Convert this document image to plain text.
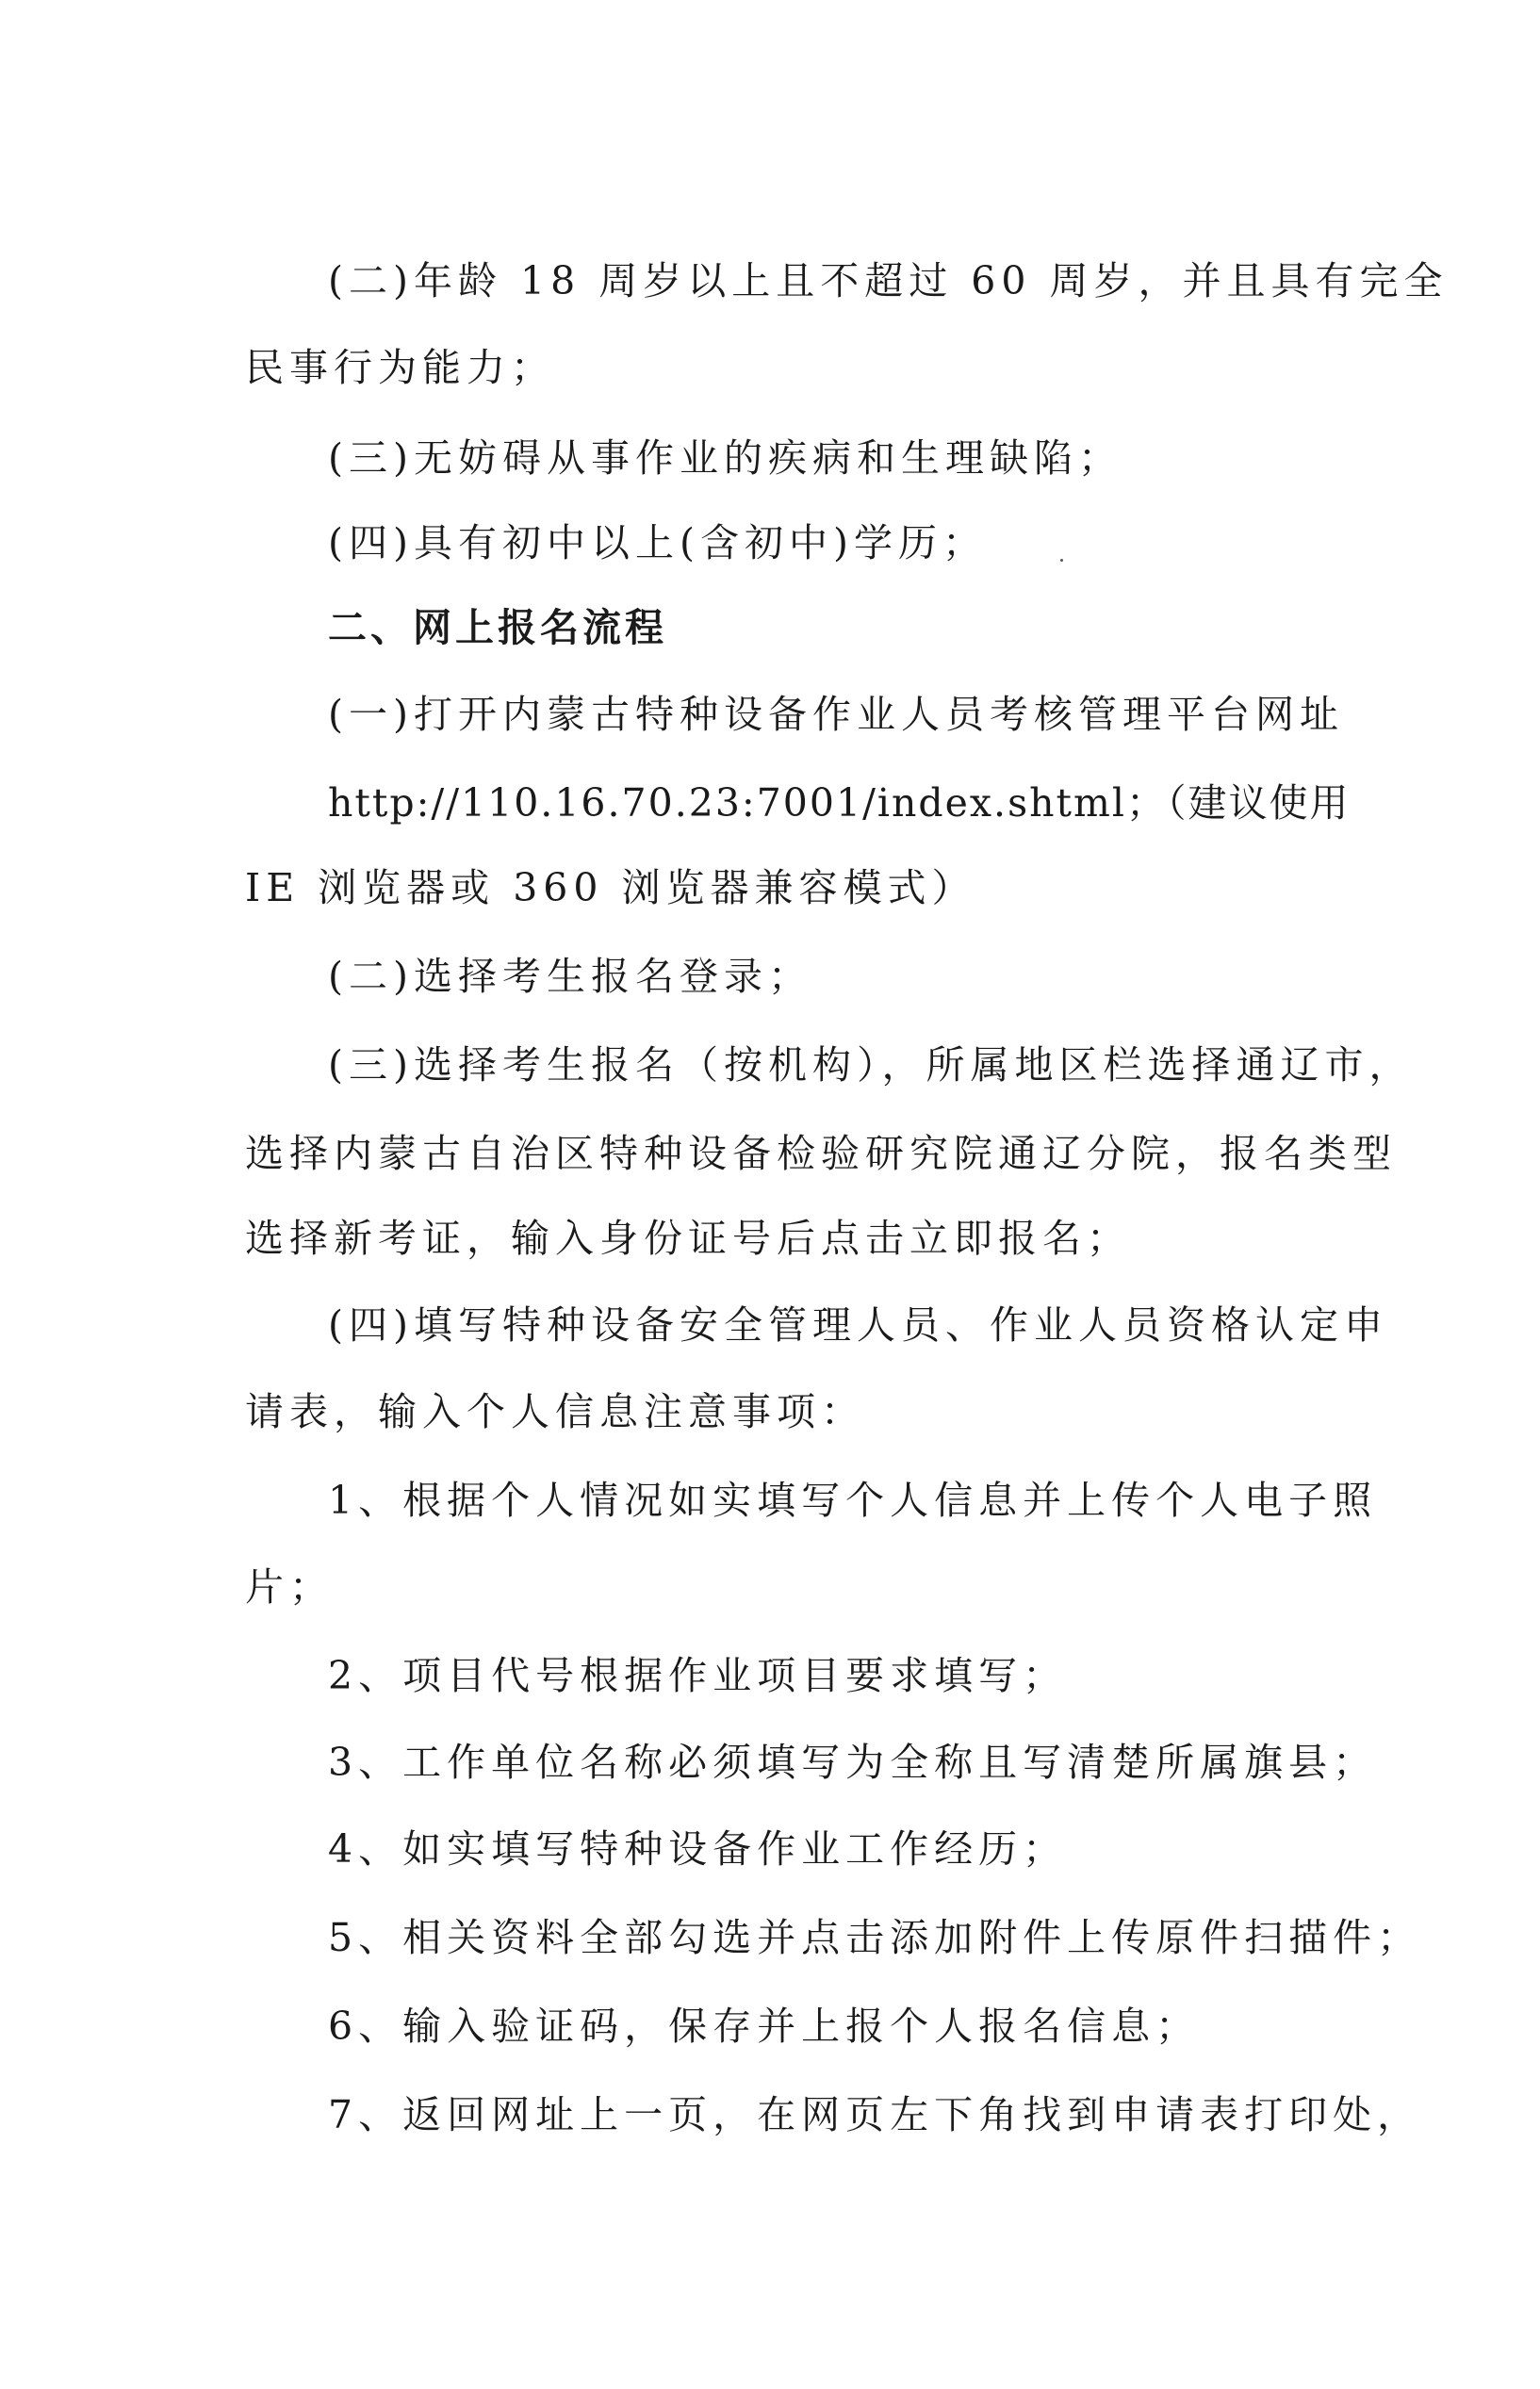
(二)年龄 18 周岁以上且不超过 60 周岁，并且具有完全
民事行为能力；
(三)无妨碍从事作业的疾病和生理缺陷；
(四)具有初中以上(含初中)学历；
二、网上报名流程
(一)打开内蒙古特种设备作业人员考核管理平台网址
http://110.16.70.23:7001/index.shtml；（建议使用
IE 浏览器或 360 浏览器兼容模式）
(二)选择考生报名登录；
(三)选择考生报名（按机构），所属地区栏选择通辽市，
选择内蒙古自治区特种设备检验研究院通辽分院，报名类型
选择新考证，输入身份证号后点击立即报名；
(四)填写特种设备安全管理人员、作业人员资格认定申
请表，输入个人信息注意事项：
1、根据个人情况如实填写个人信息并上传个人电子照
片；
2、项目代号根据作业项目要求填写；
3、工作单位名称必须填写为全称且写清楚所属旗县；
4、如实填写特种设备作业工作经历；
5、相关资料全部勾选并点击添加附件上传原件扫描件；
6、输入验证码，保存并上报个人报名信息；
7、返回网址上一页，在网页左下角找到申请表打印处，
